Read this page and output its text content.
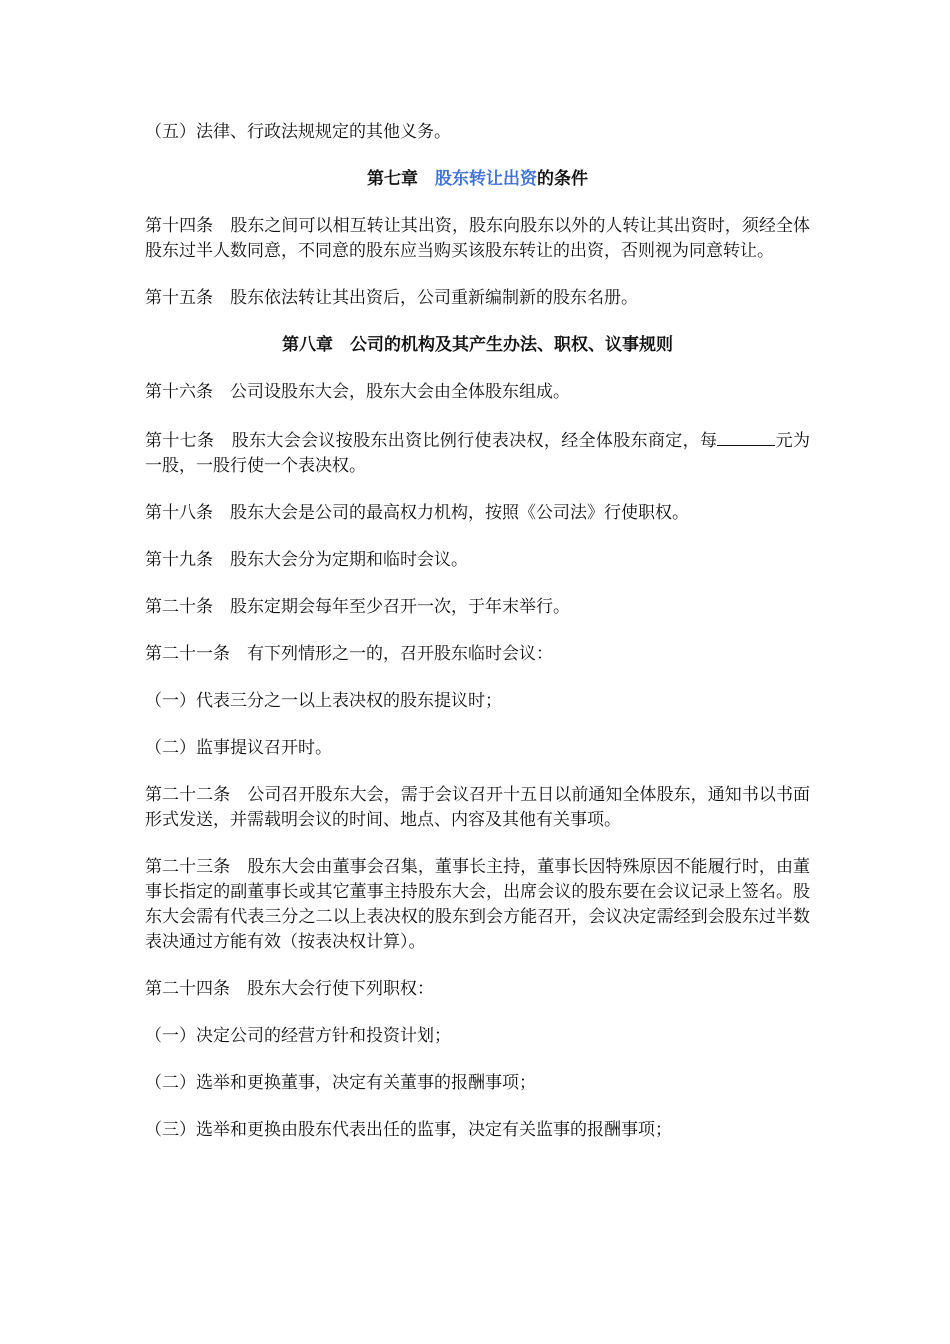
（五）法律、行政法规规定的其他义务。

第七章　股东转让出资的条件

第十四条　股东之间可以相互转让其出资，股东向股东以外的人转让其出资时，须经全体股东过半人数同意，不同意的股东应当购买该股东转让的出资，否则视为同意转让。

第十五条　股东依法转让其出资后，公司重新编制新的股东名册。

第八章　公司的机构及其产生办法、职权、议事规则

第十六条　公司设股东大会，股东大会由全体股东组成。

第十七条　股东大会会议按股东出资比例行使表决权，经全体股东商定，每	元为一股，一股行使一个表决权。

第十八条　股东大会是公司的最高权力机构，按照《公司法》行使职权。

第十九条　股东大会分为定期和临时会议。

第二十条　股东定期会每年至少召开一次，于年末举行。

第二十一条　有下列情形之一的，召开股东临时会议：

（一）代表三分之一以上表决权的股东提议时；

（二）监事提议召开时。

第二十二条　公司召开股东大会，需于会议召开十五日以前通知全体股东，通知书以书面形式发送，并需载明会议的时间、地点、内容及其他有关事项。

第二十三条　股东大会由董事会召集，董事长主持，董事长因特殊原因不能履行时，由董事长指定的副董事长或其它董事主持股东大会，出席会议的股东要在会议记录上签名。股东大会需有代表三分之二以上表决权的股东到会方能召开，会议决定需经到会股东过半数表决通过方能有效（按表决权计算）。

第二十四条　股东大会行使下列职权：

（一）决定公司的经营方针和投资计划；

（二）选举和更换董事，决定有关董事的报酬事项；

（三）选举和更换由股东代表出任的监事，决定有关监事的报酬事项；
